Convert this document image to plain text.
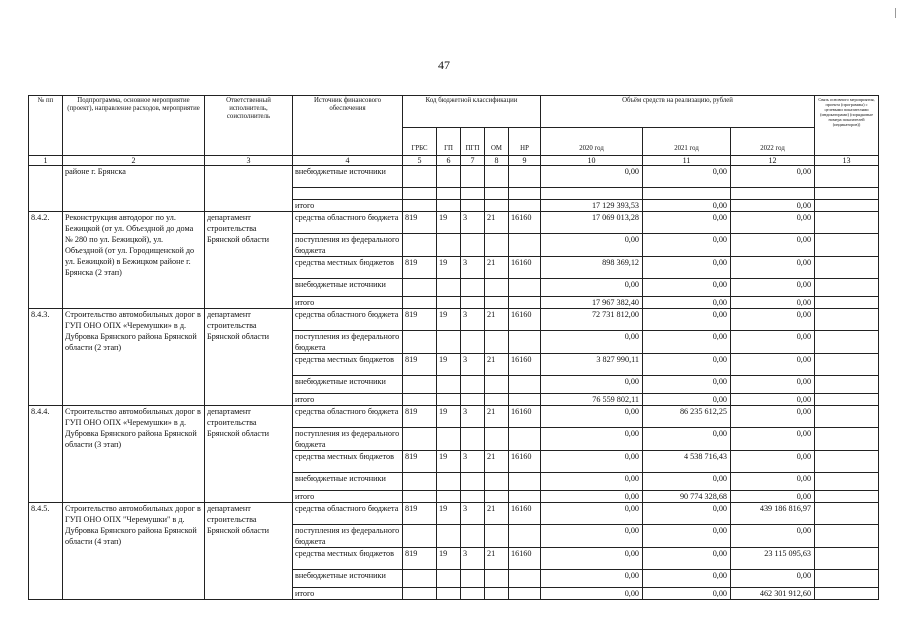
47
№ пп	Подпрограмма, основное мероприятие (проект), направление расходов, мероприятие	Ответственный исполнитель, соисполнитель	Источник финансового обеспечения	Код бюджетной классификации					Объём средств на реализацию, рублей			Связь основного мероприятия, проекта (программы) с целевыми показателями (индикаторами) (порядковые номера показателей (индикаторов))
				ГРБС	ГП	ПГП	ОМ	НР	2020 год	2021 год	2022 год	
1	2	3	4	5	6	7	8	9	10	11	12	13
	районе г. Брянска		внебюджетные источники						0,00	0,00	0,00	

			итого						17 129 393,53	0,00	0,00	
8.4.2.	Реконструкция автодорог по ул. Бежицкой (от ул. Объездной до дома № 280 по ул. Бежицкой), ул. Объездной (от ул. Городищенской до ул. Бежицкой) в Бежицком районе г. Брянска (2 этап)	департамент строительства Брянской области	средства областного бюджета	819	19	3	21	16160	17 069 013,28	0,00	0,00	
			поступления из федерального бюджета						0,00	0,00	0,00	
			средства местных бюджетов	819	19	3	21	16160	898 369,12	0,00	0,00	
			внебюджетные источники						0,00	0,00	0,00	
			итого						17 967 382,40	0,00	0,00	
8.4.3.	Строительство автомобильных дорог в ГУП ОНО ОПХ «Черемушки» в д. Дубровка Брянского района Брянской области (2 этап)	департамент строительства Брянской области	средства областного бюджета	819	19	3	21	16160	72 731 812,00	0,00	0,00	
			поступления из федерального бюджета						0,00	0,00	0,00	
			средства местных бюджетов	819	19	3	21	16160	3 827 990,11	0,00	0,00	
			внебюджетные источники						0,00	0,00	0,00	
			итого						76 559 802,11	0,00	0,00	
8.4.4.	Строительство автомобильных дорог в ГУП ОНО ОПХ «Черемушки» в д. Дубровка Брянского района Брянской области (3 этап)	департамент строительства Брянской области	средства областного бюджета	819	19	3	21	16160	0,00	86 235 612,25	0,00	
			поступления из федерального бюджета						0,00	0,00	0,00	
			средства местных бюджетов	819	19	3	21	16160	0,00	4 538 716,43	0,00	
			внебюджетные источники						0,00	0,00	0,00	
			итого						0,00	90 774 328,68	0,00	
8.4.5.	Строительство автомобильных дорог в ГУП ОНО ОПХ "Черемушки" в д. Дубровка Брянского района Брянской области (4 этап)	департамент строительства Брянской области	средства областного бюджета	819	19	3	21	16160	0,00	0,00	439 186 816,97	
			поступления из федерального бюджета						0,00	0,00	0,00	
			средства местных бюджетов	819	19	3	21	16160	0,00	0,00	23 115 095,63	
			внебюджетные источники						0,00	0,00	0,00	
			итого						0,00	0,00	462 301 912,60	
